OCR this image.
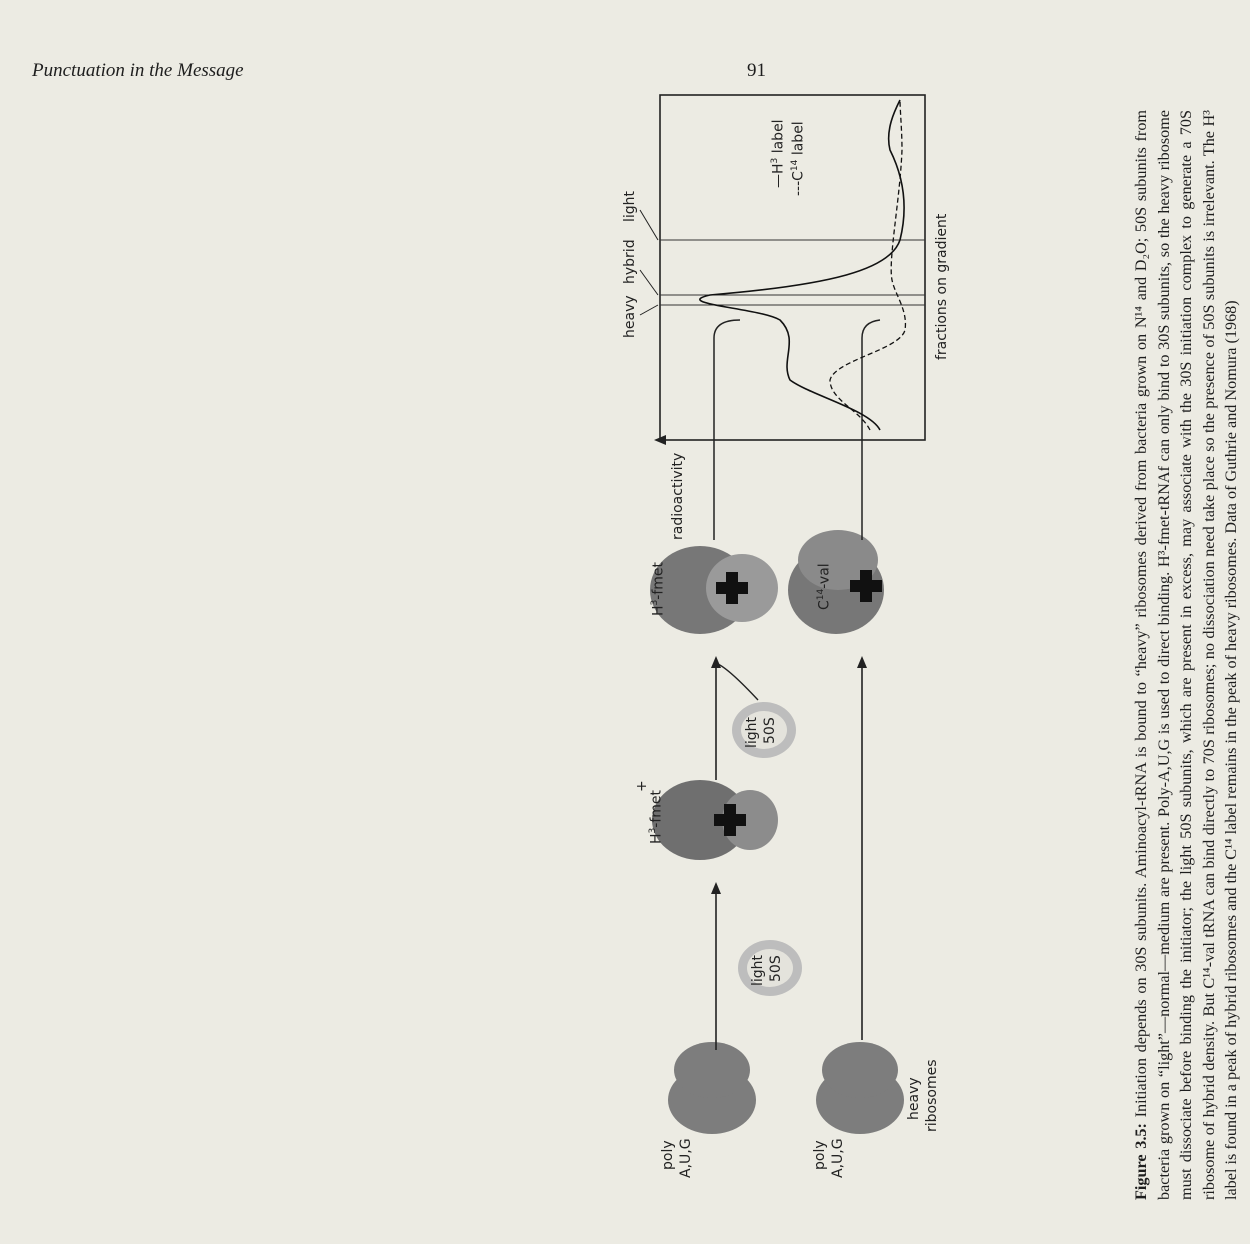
Punctuation in the Message	91
poly A,U,G	poly A,U,G
heavy ribosomes
light 50S
light 50S
$H^3$-fmet
+
$H^3$-fmet
$C^{14}$-val
heavy
hybrid
light
radioactivity
fractions on gradient
$—H^3$ label
$---C^{14}$ label
Figure 3.5: Initiation depends on 30S subunits. Aminoacyl-tRNA is bound to “heavy” ribosomes derived from bacteria grown on N¹⁴ and D₂O; 50S subunits from bacteria grown on “light”—normal—medium are present. Poly-A,U,G is used to direct binding. H³-fmet-tRNAf can only bind to 30S subunits, so the heavy ribosome must dissociate before binding the initiator; the light 50S subunits, which are present in excess, may associate with the 30S initiation complex to generate a 70S ribosome of hybrid density. But C¹⁴-val tRNA can bind directly to 70S ribosomes; no dissociation need take place so the presence of 50S subunits is irrelevant. The H³ label is found in a peak of hybrid ribosomes and the C¹⁴ label remains in the peak of heavy ribosomes. Data of Guthrie and Nomura (1968)
